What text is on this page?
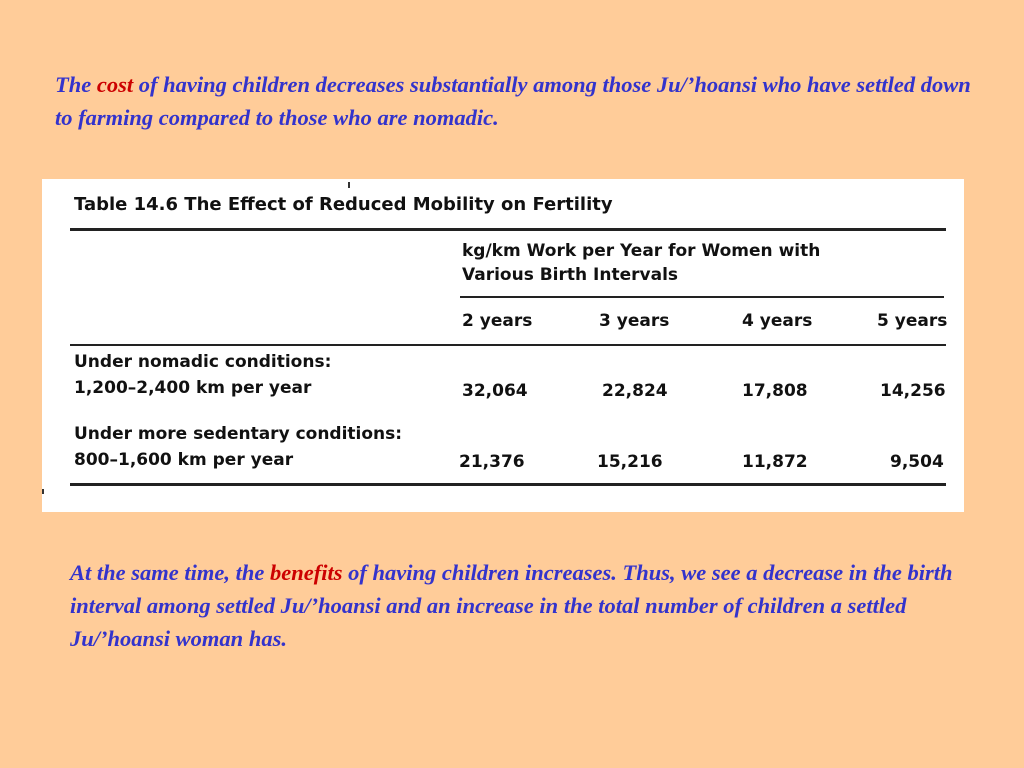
The cost of having children decreases substantially among those Ju/’hoansi who have settled down to farming compared to those who are nomadic.

Table 14.6 The Effect of Reduced Mobility on Fertility
kg/km Work per Year for Women with
Various Birth Intervals
2 years	3 years	4 years	5 years
Under nomadic conditions:
1,200–2,400 km per year	32,064	22,824	17,808	14,256
Under more sedentary conditions:
800–1,600 km per year	21,376	15,216	11,872	9,504

At the same time, the benefits of having children increases. Thus, we see a decrease in the birth interval among settled Ju/’hoansi and an increase in the total number of children a settled Ju/’hoansi woman has.
